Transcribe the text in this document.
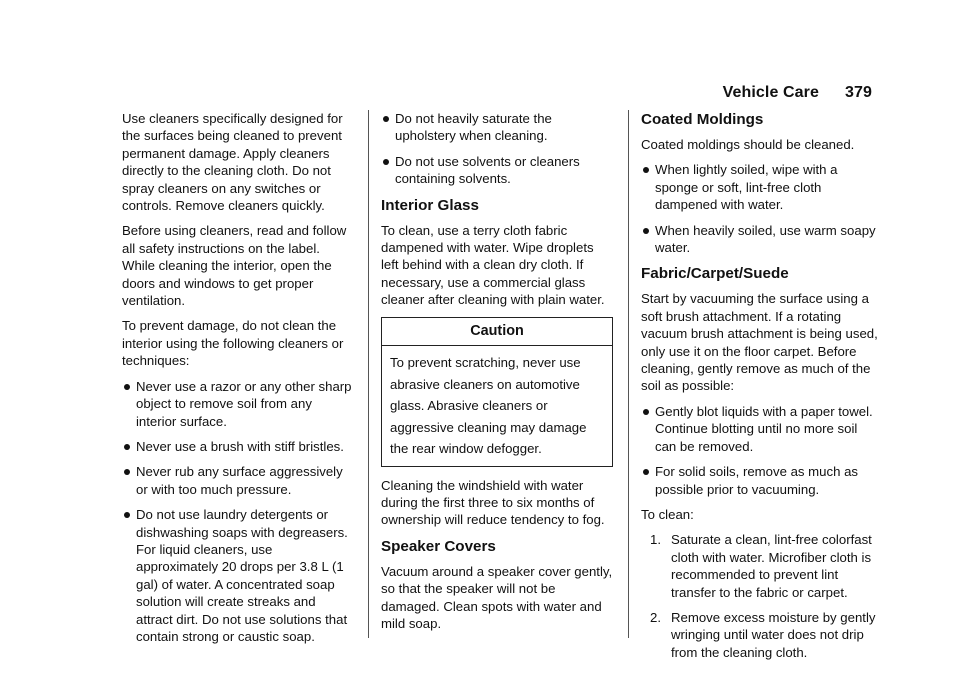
Vehicle Care 379

Use cleaners specifically designed for the surfaces being cleaned to prevent permanent damage. Apply cleaners directly to the cleaning cloth. Do not spray cleaners on any switches or controls. Remove cleaners quickly.

Before using cleaners, read and follow all safety instructions on the label. While cleaning the interior, open the doors and windows to get proper ventilation.

To prevent damage, do not clean the interior using the following cleaners or techniques:

Never use a razor or any other sharp object to remove soil from any interior surface.
Never use a brush with stiff bristles.
Never rub any surface aggressively or with too much pressure.
Do not use laundry detergents or dishwashing soaps with degreasers. For liquid cleaners, use approximately 20 drops per 3.8 L (1 gal) of water. A concentrated soap solution will create streaks and attract dirt. Do not use solutions that contain strong or caustic soap.
Do not heavily saturate the upholstery when cleaning.
Do not use solvents or cleaners containing solvents.
Interior Glass

To clean, use a terry cloth fabric dampened with water. Wipe droplets left behind with a clean dry cloth. If necessary, use a commercial glass cleaner after cleaning with plain water.

Caution
To prevent scratching, never use abrasive cleaners on automotive glass. Abrasive cleaners or aggressive cleaning may damage the rear window defogger.

Cleaning the windshield with water during the first three to six months of ownership will reduce tendency to fog.

Speaker Covers

Vacuum around a speaker cover gently, so that the speaker will not be damaged. Clean spots with water and mild soap.

Coated Moldings

Coated moldings should be cleaned.

When lightly soiled, wipe with a sponge or soft, lint-free cloth dampened with water.
When heavily soiled, use warm soapy water.
Fabric/Carpet/Suede

Start by vacuuming the surface using a soft brush attachment. If a rotating vacuum brush attachment is being used, only use it on the floor carpet. Before cleaning, gently remove as much of the soil as possible:

Gently blot liquids with a paper towel. Continue blotting until no more soil can be removed.
For solid soils, remove as much as possible prior to vacuuming.

To clean:

1. Saturate a clean, lint-free colorfast cloth with water. Microfiber cloth is recommended to prevent lint transfer to the fabric or carpet.
2. Remove excess moisture by gently wringing until water does not drip from the cleaning cloth.
